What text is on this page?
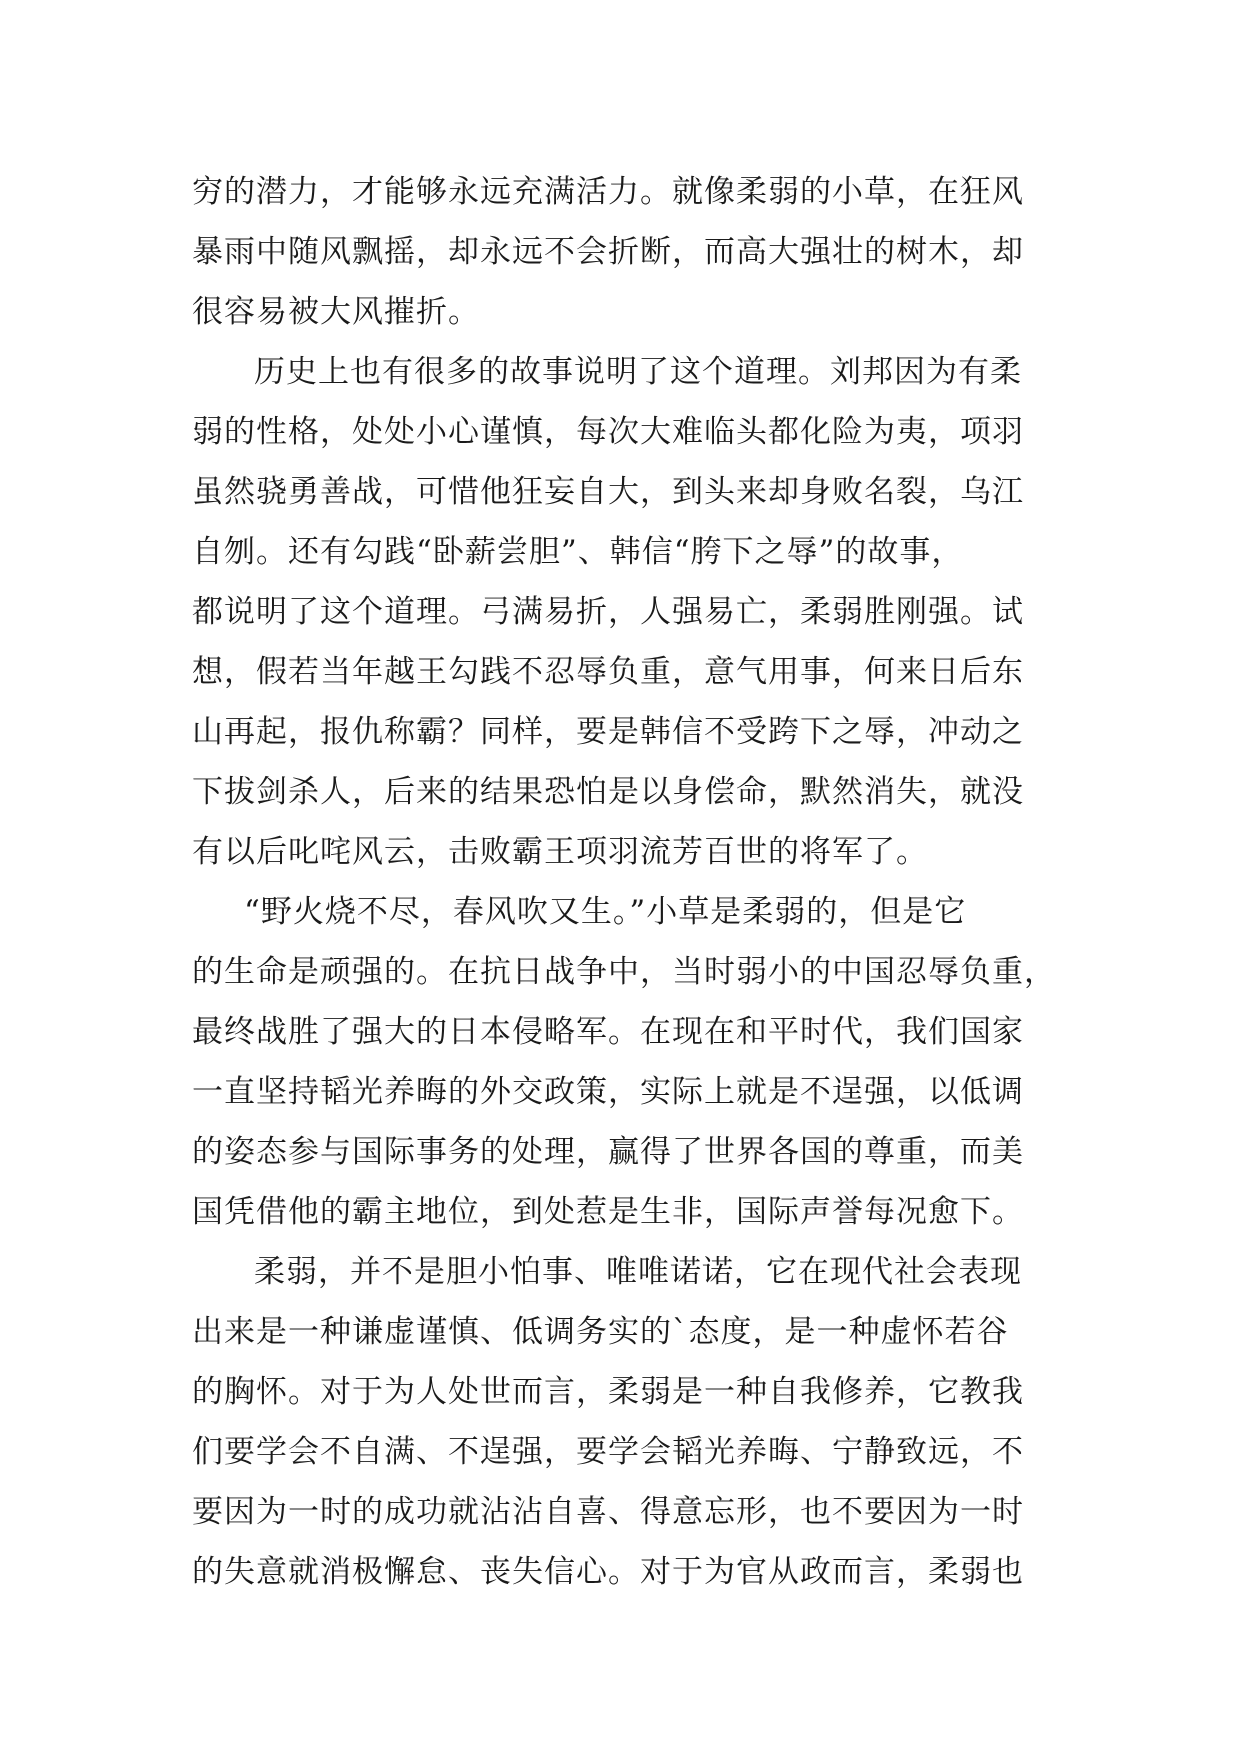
穷的潜力，才能够永远充满活力。就像柔弱的小草，在狂风
暴雨中随风飘摇，却永远不会折断，而高大强壮的树木，却
很容易被大风摧折。
历史上也有很多的故事说明了这个道理。刘邦因为有柔
弱的性格，处处小心谨慎，每次大难临头都化险为夷，项羽
虽然骁勇善战，可惜他狂妄自大，到头来却身败名裂，乌江
自刎。还有勾践“卧薪尝胆”、韩信“胯下之辱”的故事，
都说明了这个道理。弓满易折，人强易亡，柔弱胜刚强。试
想，假若当年越王勾践不忍辱负重，意气用事，何来日后东
山再起，报仇称霸？同样，要是韩信不受跨下之辱，冲动之
下拔剑杀人，后来的结果恐怕是以身偿命，默然消失，就没
有以后叱咤风云，击败霸王项羽流芳百世的将军了。
“野火烧不尽，春风吹又生。”小草是柔弱的，但是它
的生命是顽强的。在抗日战争中，当时弱小的中国忍辱负重，
最终战胜了强大的日本侵略军。在现在和平时代，我们国家
一直坚持韬光养晦的外交政策，实际上就是不逞强，以低调
的姿态参与国际事务的处理，赢得了世界各国的尊重，而美
国凭借他的霸主地位，到处惹是生非，国际声誉每况愈下。
柔弱，并不是胆小怕事、唯唯诺诺，它在现代社会表现
出来是一种谦虚谨慎、低调务实的`态度，是一种虚怀若谷
的胸怀。对于为人处世而言，柔弱是一种自我修养，它教我
们要学会不自满、不逞强，要学会韬光养晦、宁静致远，不
要因为一时的成功就沾沾自喜、得意忘形，也不要因为一时
的失意就消极懈怠、丧失信心。对于为官从政而言，柔弱也
